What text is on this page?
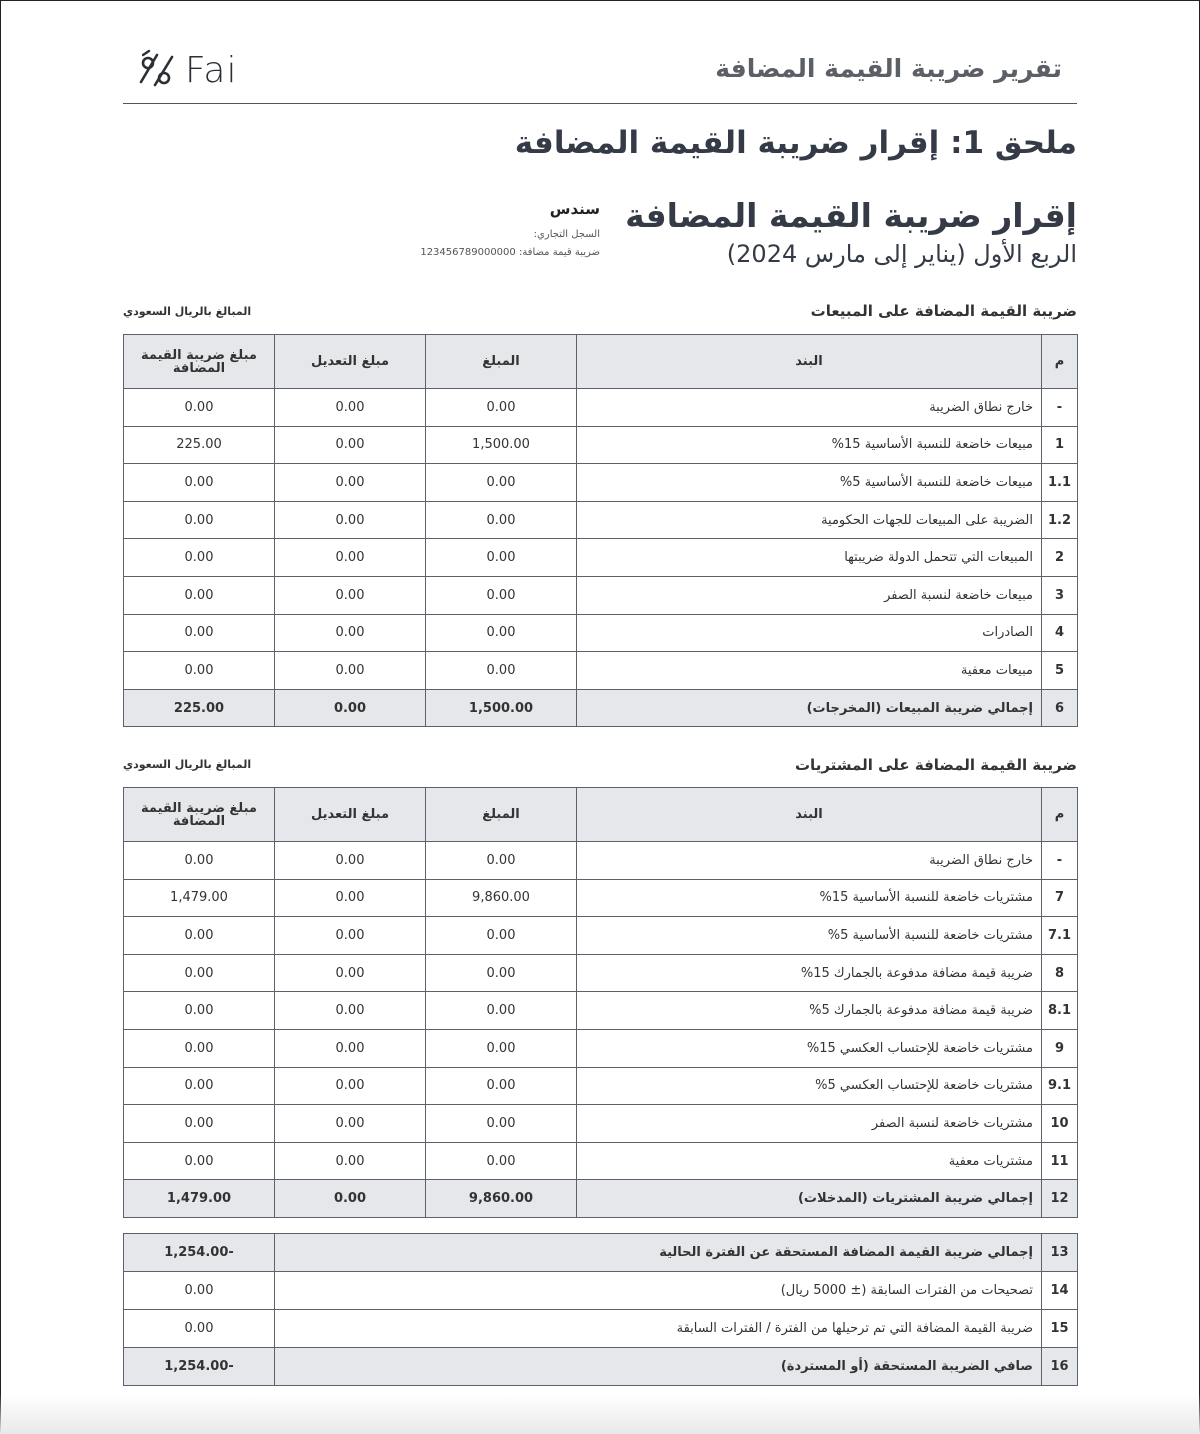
Fai	تقرير ضريبة القيمة المضافة
ملحق 1: إقرار ضريبة القيمة المضافة
إقرار ضريبة القيمة المضافة
الربع الأول (يناير إلى مارس 2024)
سندس
السجل التجاري:
ضريبة قيمة مضافة: 123456789000000
ضريبة القيمة المضافة على المبيعات
المبالغ بالريال السعودي
م	البند	المبلغ	مبلغ التعديل	مبلغ ضريبة القيمة المضافة
-	خارج نطاق الضريبة	0.00	0.00	0.00
1	مبيعات خاضعة للنسبة الأساسية 15%	1,500.00	0.00	225.00
1.1	مبيعات خاضعة للنسبة الأساسية 5%	0.00	0.00	0.00
1.2	الضريبة على المبيعات للجهات الحكومية	0.00	0.00	0.00
2	المبيعات التي تتحمل الدولة ضريبتها	0.00	0.00	0.00
3	مبيعات خاضعة لنسبة الصفر	0.00	0.00	0.00
4	الصادرات	0.00	0.00	0.00
5	مبيعات معفية	0.00	0.00	0.00
6	إجمالي ضريبة المبيعات (المخرجات)	1,500.00	0.00	225.00
ضريبة القيمة المضافة على المشتريات
المبالغ بالريال السعودي
م	البند	المبلغ	مبلغ التعديل	مبلغ ضريبة القيمة المضافة
-	خارج نطاق الضريبة	0.00	0.00	0.00
7	مشتريات خاضعة للنسبة الأساسية 15%	9,860.00	0.00	1,479.00
7.1	مشتريات خاضعة للنسبة الأساسية 5%	0.00	0.00	0.00
8	ضريبة قيمة مضافة مدفوعة بالجمارك 15%	0.00	0.00	0.00
8.1	ضريبة قيمة مضافة مدفوعة بالجمارك 5%	0.00	0.00	0.00
9	مشتريات خاضعة للإحتساب العكسي 15%	0.00	0.00	0.00
9.1	مشتريات خاضعة للإحتساب العكسي 5%	0.00	0.00	0.00
10	مشتريات خاضعة لنسبة الصفر	0.00	0.00	0.00
11	مشتريات معفية	0.00	0.00	0.00
12	إجمالي ضريبة المشتريات (المدخلات)	9,860.00	0.00	1,479.00
13	إجمالي ضريبة القيمة المضافة المستحقة عن الفترة الحالية	-1,254.00
14	تصحيحات من الفترات السابقة (± 5000 ريال)	0.00
15	ضريبة القيمة المضافة التي تم ترحيلها من الفترة / الفترات السابقة	0.00
16	صافي الضريبة المستحقة (أو المستردة)	-1,254.00
